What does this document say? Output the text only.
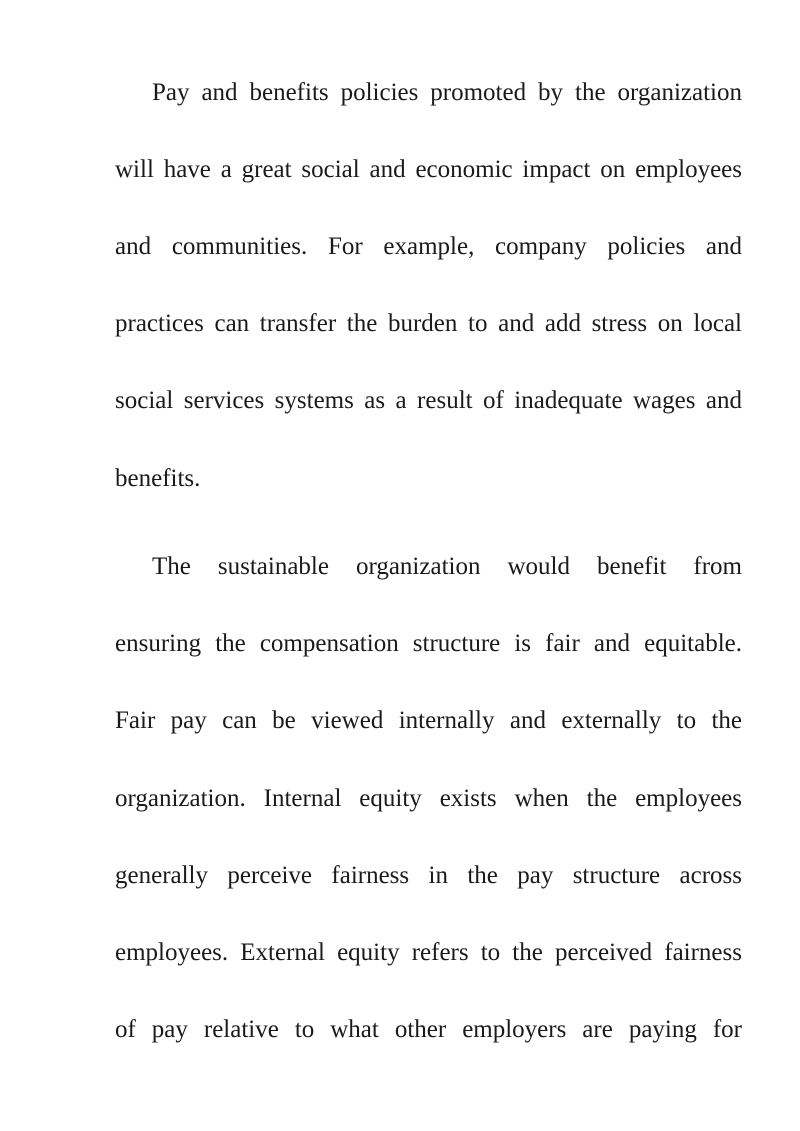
Pay and benefits policies promoted by the organization
will have a great social and economic impact on employees
and communities. For example, company policies and
practices can transfer the burden to and add stress on local
social services systems as a result of inadequate wages and
benefits.
The sustainable organization would benefit from
ensuring the compensation structure is fair and equitable.
Fair pay can be viewed internally and externally to the
organization. Internal equity exists when the employees
generally perceive fairness in the pay structure across
employees. External equity refers to the perceived fairness
of pay relative to what other employers are paying for
